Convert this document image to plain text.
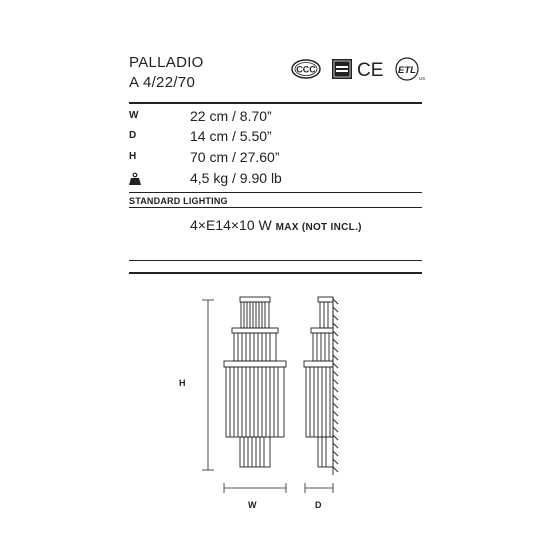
PALLADIO
A 4/22/70
CCC CE ETL
US
W	22 cm / 8.70”
D	14 cm / 5.50”
H	70 cm / 27.60”
4,5 kg / 9.90 lb
STANDARD LIGHTING
4×E14×10 W MAX (NOT INCL.)
H
W	D
